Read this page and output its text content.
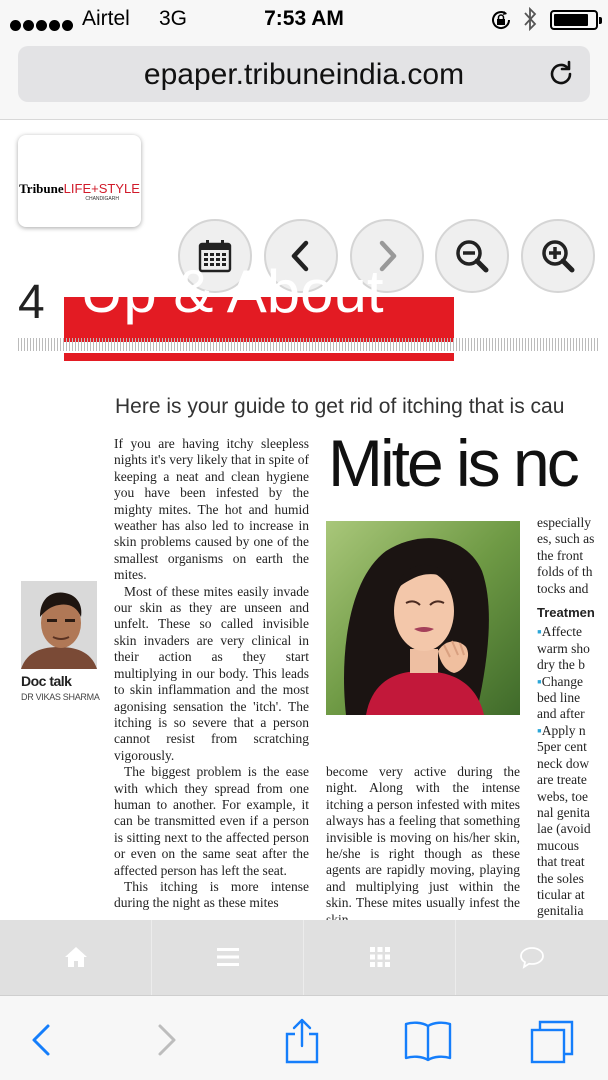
Airtel 3G	7:53 AM
epaper.tribuneindia.com
TribuneLIFE+STYLE
CHANDIGARH
4 Up & About
Here is your guide to get rid of itching that is cau
Mite is nc
Doc talk
DR VIKAS SHARMA

If you are having itchy sleepless nights it's very likely that in spite of keeping a neat and clean hygiene you have been infested by the mighty mites. The hot and humid weather has also led to increase in skin problems caused by one of the smallest organisms on earth the mites.

Most of these mites easily invade our skin as they are unseen and unfelt. These so called invisible skin invaders are very clinical in their action as they start multiplying in our body. This leads to skin inflammation and the most agonising sensation the 'itch'. The itching is so severe that a person cannot resist from scratching vigorously.

The biggest problem is the ease with which they spread from one human to another. For example, it can be transmitted even if a person is sitting next to the affected person or even on the same seat after the affected person has left the seat.

This itching is more intense during the night as these mites

become very active during the night. Along with the intense itching a person infested with mites always has a feeling that something invisible is moving on his/her skin, he/she is right though as these agents are rapidly moving, playing and multiplying just within the skin. These mites usually infest the

especially
es, such as
the front
folds of th
tocks and
Treatmen
▪Affecte
warm sho
dry the b
▪Change
bed line
and after
▪Apply n
5per cent
neck dow
are treate
webs, toe
nal genita
lae (avoid
mucous
that treat
the soles
ticular at
genitalia
